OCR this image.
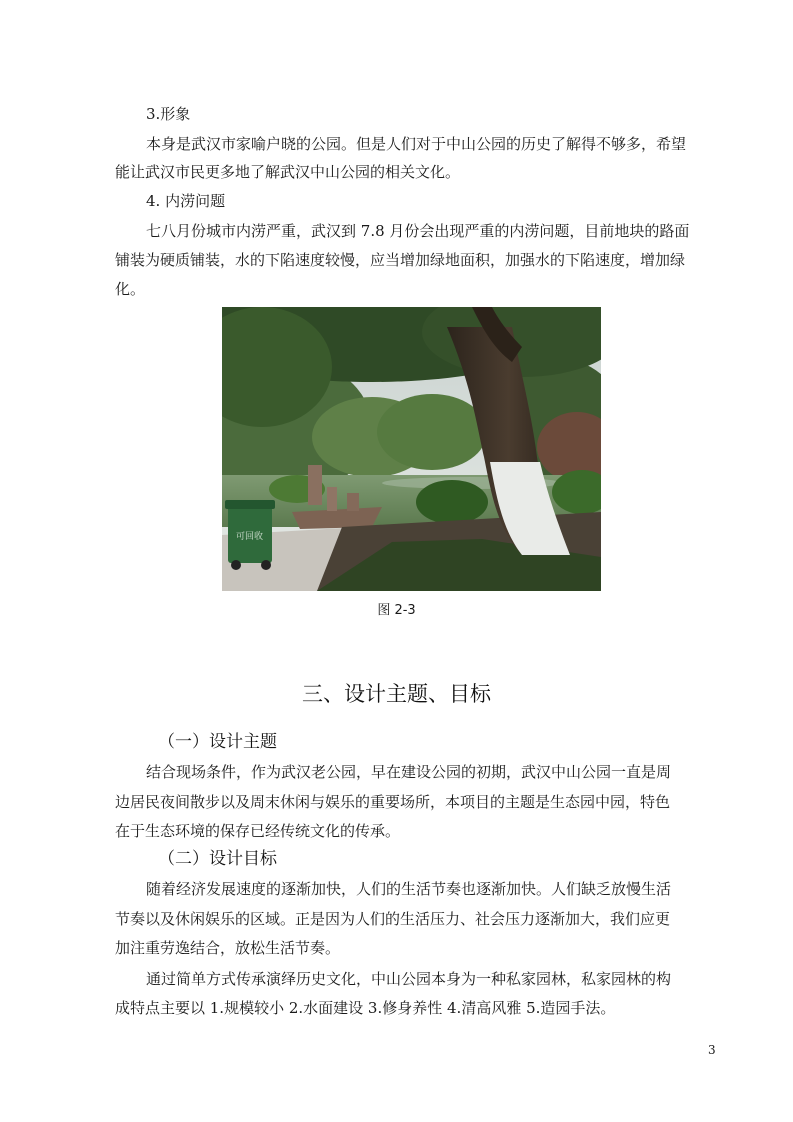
3.形象
本身是武汉市家喻户晓的公园。但是人们对于中山公园的历史了解得不够多，希望
能让武汉市民更多地了解武汉中山公园的相关文化。
4. 内涝问题
七八月份城市内涝严重，武汉到 7.8 月份会出现严重的内涝问题，目前地块的路面
铺装为硬质铺装，水的下陷速度较慢，应当增加绿地面积，加强水的下陷速度，增加绿
化。
可回收
图 2-3
三、设计主题、目标
（一）设计主题
结合现场条件，作为武汉老公园，早在建设公园的初期，武汉中山公园一直是周
边居民夜间散步以及周末休闲与娱乐的重要场所，本项目的主题是生态园中园，特色
在于生态环境的保存已经传统文化的传承。
（二）设计目标
随着经济发展速度的逐渐加快，人们的生活节奏也逐渐加快。人们缺乏放慢生活
节奏以及休闲娱乐的区域。正是因为人们的生活压力、社会压力逐渐加大，我们应更
加注重劳逸结合，放松生活节奏。
通过简单方式传承演绎历史文化，中山公园本身为一种私家园林，私家园林的构
成特点主要以 1.规模较小 2.水面建设 3.修身养性 4.清高风雅 5.造园手法。
3
